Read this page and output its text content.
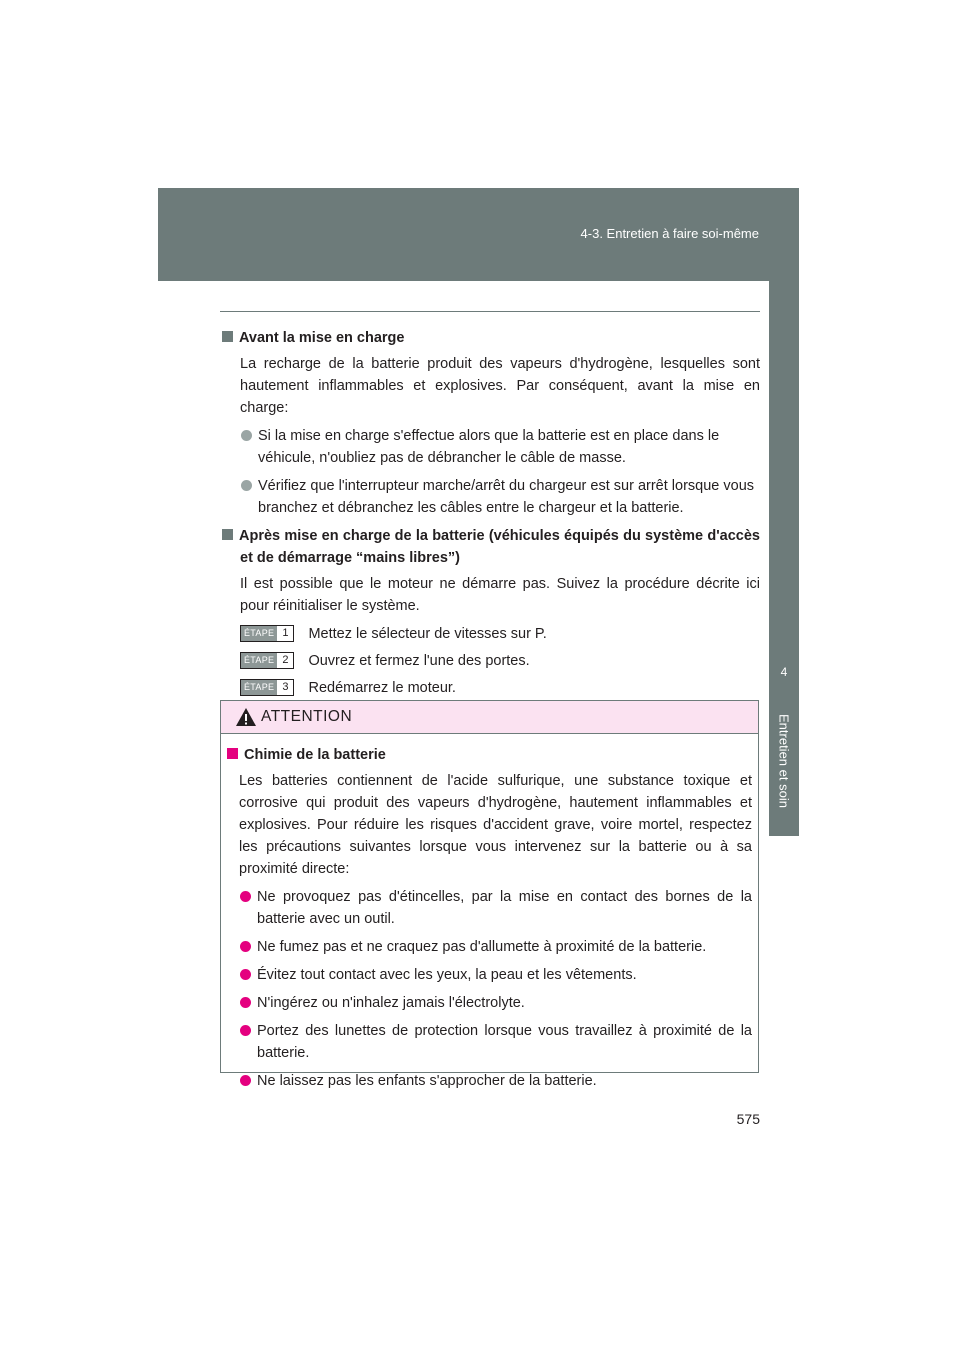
4-3. Entretien à faire soi-même
4
Entretien et soin

Avant la mise en charge

La recharge de la batterie produit des vapeurs d'hydrogène, lesquelles sont hautement inflammables et explosives. Par conséquent, avant la mise en charge:

Si la mise en charge s'effectue alors que la batterie est en place dans le véhicule, n'oubliez pas de débrancher le câble de masse.
Vérifiez que l'interrupteur marche/arrêt du chargeur est sur arrêt lorsque vous branchez et débranchez les câbles entre le chargeur et la batterie.

Après mise en charge de la batterie (véhicules équipés du système d'accès et de démarrage “mains libres”)

Il est possible que le moteur ne démarre pas. Suivez la procédure décrite ici pour réinitialiser le système.

ÉTAPE 1	Mettez le sélecteur de vitesses sur P.
ÉTAPE 2	Ouvrez et fermez l'une des portes.
ÉTAPE 3	Redémarrez le moteur.
ATTENTION

Chimie de la batterie

Les batteries contiennent de l'acide sulfurique, une substance toxique et corrosive qui produit des vapeurs d'hydrogène, hautement inflammables et explosives. Pour réduire les risques d'accident grave, voire mortel, respectez les précautions suivantes lorsque vous intervenez sur la batterie ou à sa proximité directe:

Ne provoquez pas d'étincelles, par la mise en contact des bornes de la batterie avec un outil.
Ne fumez pas et ne craquez pas d'allumette à proximité de la batterie.
Évitez tout contact avec les yeux, la peau et les vêtements.
N'ingérez ou n'inhalez jamais l'électrolyte.
Portez des lunettes de protection lorsque vous travaillez à proximité de la batterie.
Ne laissez pas les enfants s'approcher de la batterie.
575
